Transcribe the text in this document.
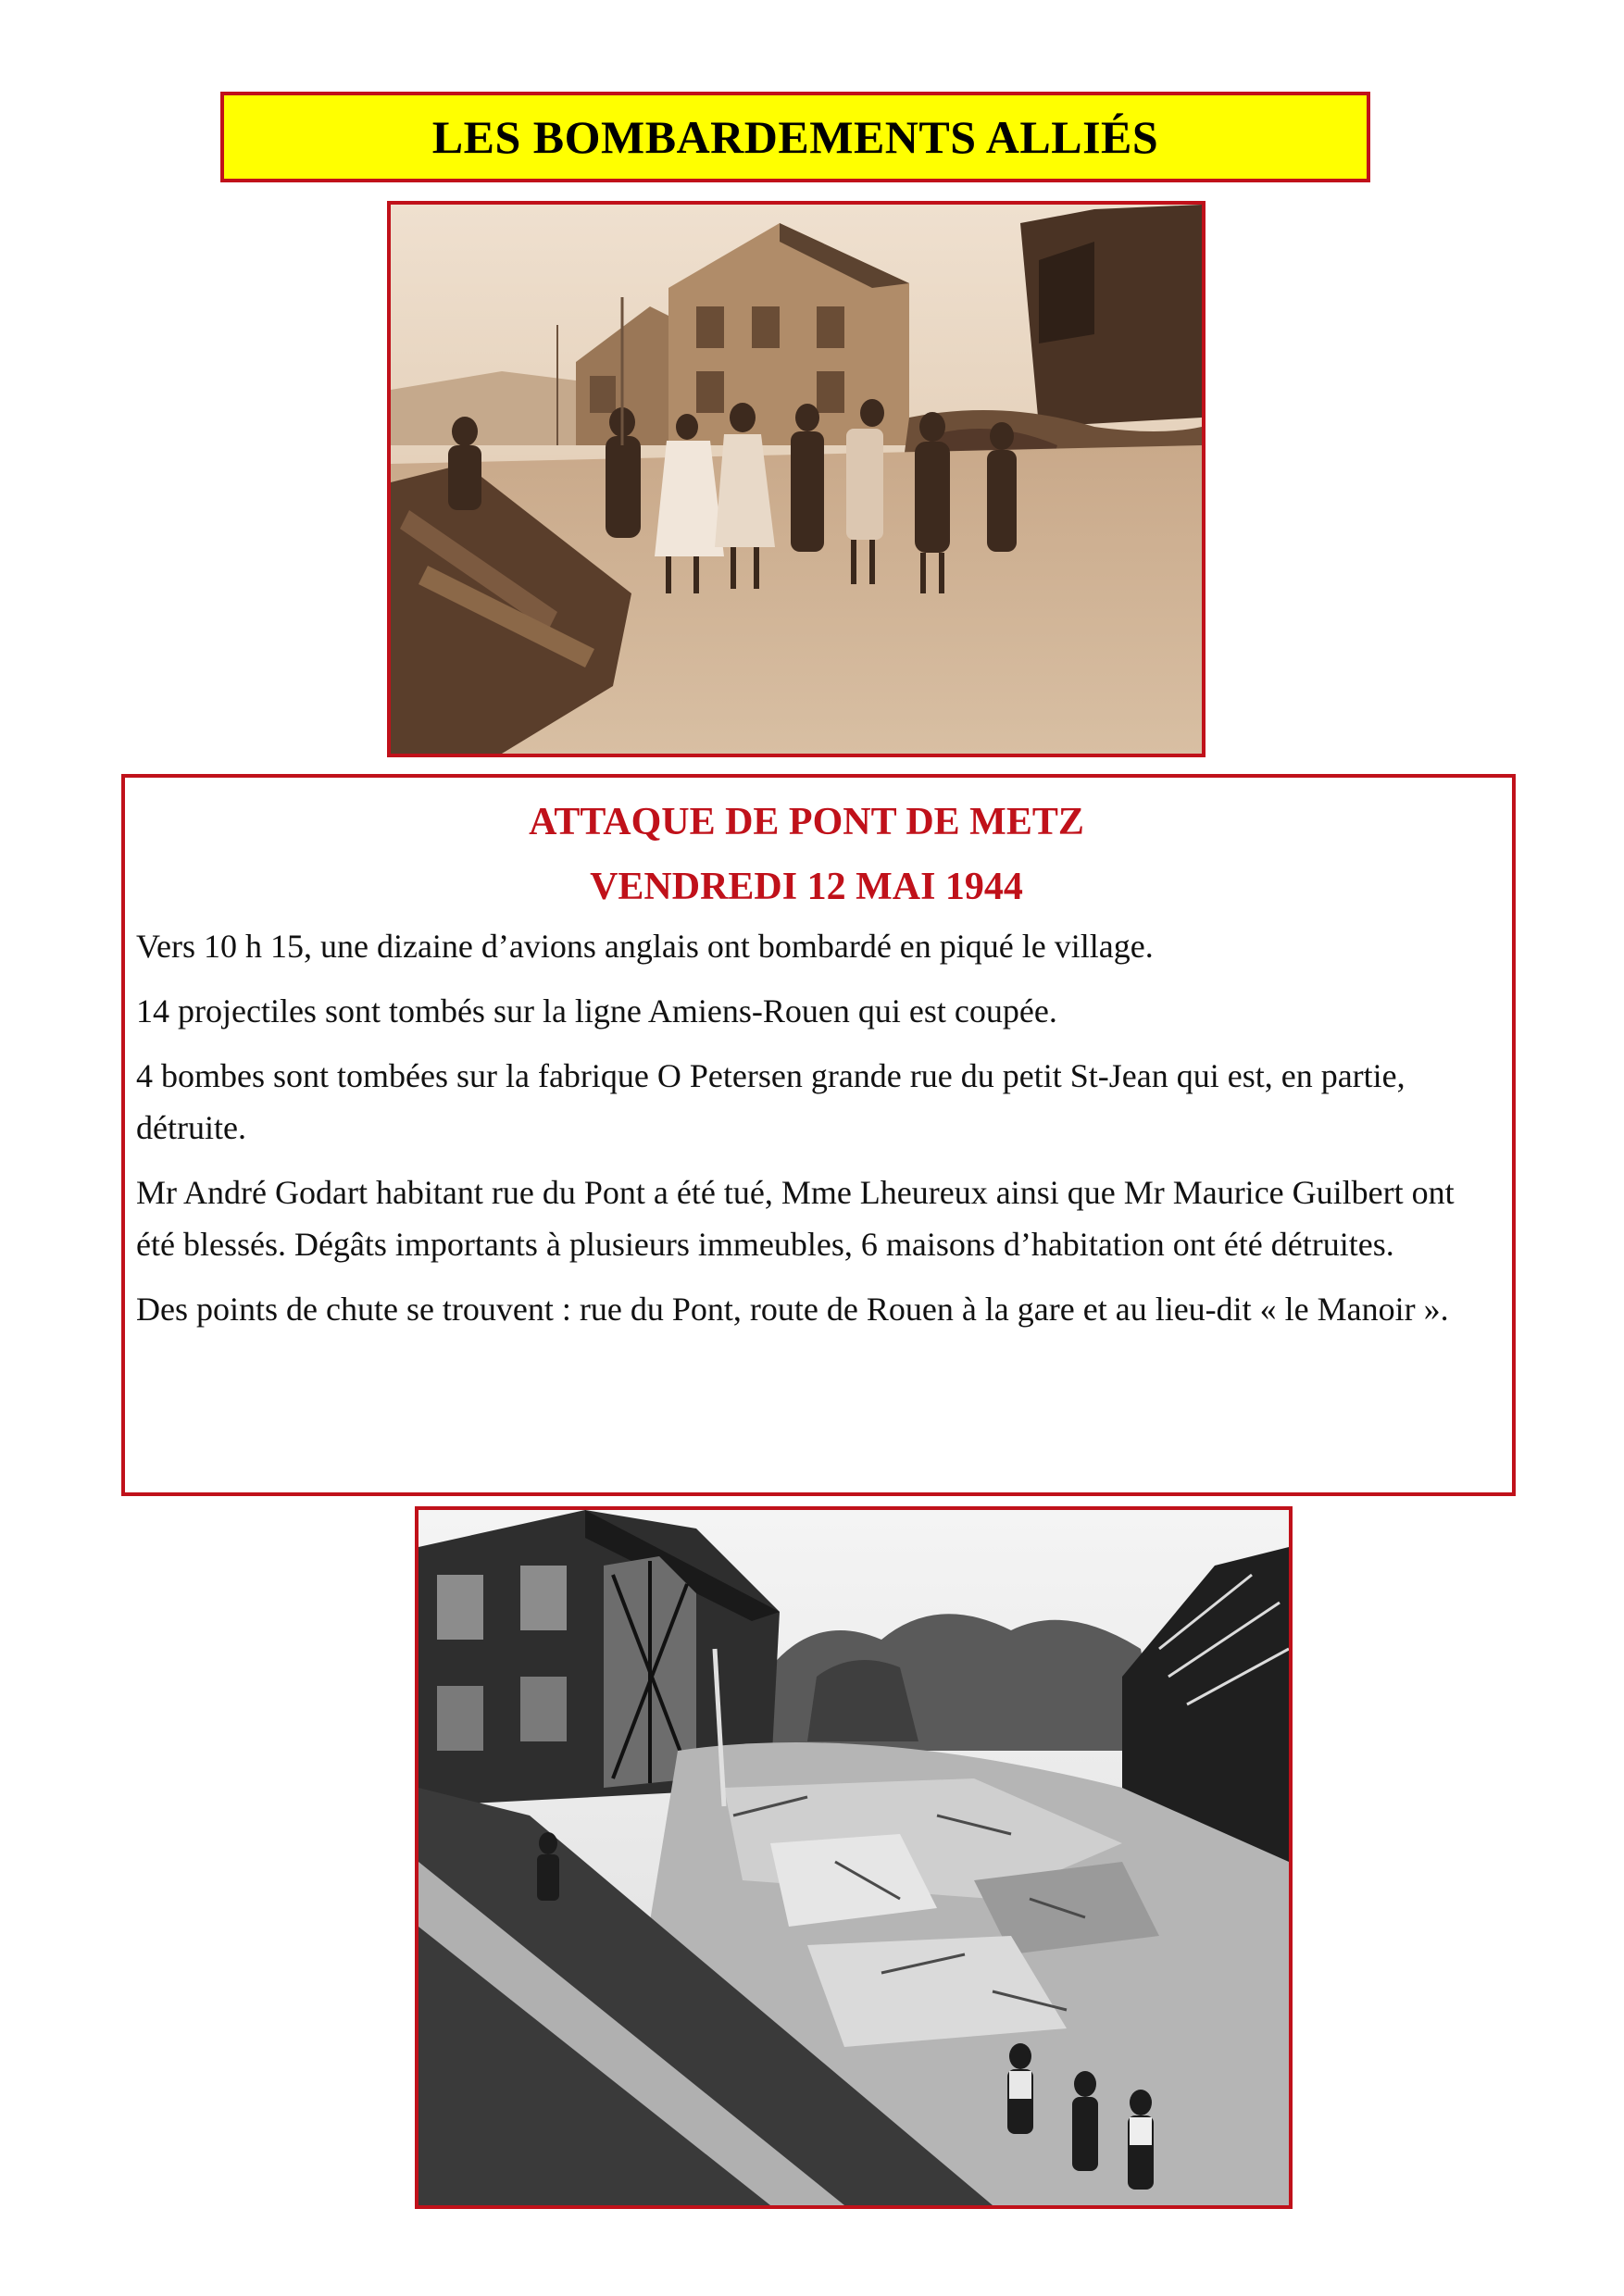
LES BOMBARDEMENTS ALLIÉS

ATTAQUE DE PONT DE METZ

VENDREDI 12 MAI 1944

Vers 10 h 15, une dizaine d’avions anglais ont bombardé en piqué le village.

14 projectiles sont tombés sur la ligne Amiens-Rouen qui est coupée.

4 bombes sont tombées sur la fabrique O Petersen grande rue du petit St-Jean qui est, en partie, détruite.

Mr André Godart habitant rue du Pont a été tué, Mme Lheureux ainsi que Mr Maurice Guilbert ont été blessés. Dégâts importants à plusieurs immeubles, 6 maisons d’habitation ont été détruites.

Des points de chute se trouvent : rue du Pont, route de Rouen à la gare et au lieu-dit « le Manoir ».
